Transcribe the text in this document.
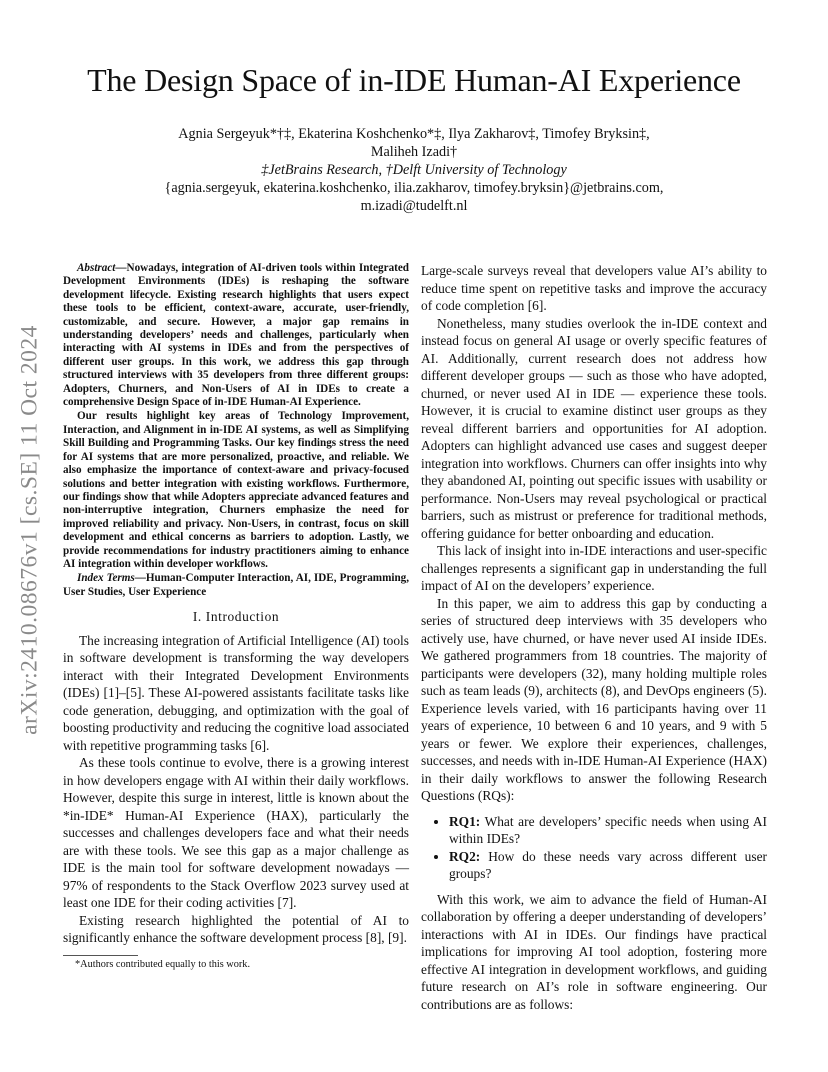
arXiv:2410.08676v1 [cs.SE] 11 Oct 2024
The Design Space of in-IDE Human-AI Experience
Agnia Sergeyuk*†‡, Ekaterina Koshchenko*‡, Ilya Zakharov‡, Timofey Bryksin‡,
Maliheh Izadi†
‡JetBrains Research, †Delft University of Technology
{agnia.sergeyuk, ekaterina.koshchenko, ilia.zakharov, timofey.bryksin}@jetbrains.com,
m.izadi@tudelft.nl

Abstract—Nowadays, integration of AI-driven tools within Integrated Development Environments (IDEs) is reshaping the software development lifecycle. Existing research highlights that users expect these tools to be efficient, context-aware, accurate, user-friendly, customizable, and secure. However, a major gap remains in understanding developers’ needs and challenges, particularly when interacting with AI systems in IDEs and from the perspectives of different user groups. In this work, we address this gap through structured interviews with 35 developers from three different groups: Adopters, Churners, and Non-Users of AI in IDEs to create a comprehensive Design Space of in-IDE Human-AI Experience.

Our results highlight key areas of Technology Improvement, Interaction, and Alignment in in-IDE AI systems, as well as Simplifying Skill Building and Programming Tasks. Our key findings stress the need for AI systems that are more personalized, proactive, and reliable. We also emphasize the importance of context-aware and privacy-focused solutions and better integration with existing workflows. Furthermore, our findings show that while Adopters appreciate advanced features and non-interruptive integration, Churners emphasize the need for improved reliability and privacy. Non-Users, in contrast, focus on skill development and ethical concerns as barriers to adoption. Lastly, we provide recommendations for industry practitioners aiming to enhance AI integration within developer workflows.

Index Terms—Human-Computer Interaction, AI, IDE, Programming, User Studies, User Experience

I. Introduction

The increasing integration of Artificial Intelligence (AI) tools in software development is transforming the way developers interact with their Integrated Development Environments (IDEs) [1]–[5]. These AI-powered assistants facilitate tasks like code generation, debugging, and optimization with the goal of boosting productivity and reducing the cognitive load associated with repetitive programming tasks [6].

As these tools continue to evolve, there is a growing interest in how developers engage with AI within their daily workflows. However, despite this surge in interest, little is known about the *in-IDE* Human-AI Experience (HAX), particularly the successes and challenges developers face and what their needs are with these tools. We see this gap as a major challenge as IDE is the main tool for software development nowadays — 97% of respondents to the Stack Overflow 2023 survey used at least one IDE for their coding activities [7].

Existing research highlighted the potential of AI to significantly enhance the software development process [8], [9].

*Authors contributed equally to this work.

Large-scale surveys reveal that developers value AI’s ability to reduce time spent on repetitive tasks and improve the accuracy of code completion [6].

Nonetheless, many studies overlook the in-IDE context and instead focus on general AI usage or overly specific features of AI. Additionally, current research does not address how different developer groups — such as those who have adopted, churned, or never used AI in IDE — experience these tools. However, it is crucial to examine distinct user groups as they reveal different barriers and opportunities for AI adoption. Adopters can highlight advanced use cases and suggest deeper integration into workflows. Churners can offer insights into why they abandoned AI, pointing out specific issues with usability or performance. Non-Users may reveal psychological or practical barriers, such as mistrust or preference for traditional methods, offering guidance for better onboarding and education.

This lack of insight into in-IDE interactions and user-specific challenges represents a significant gap in understanding the full impact of AI on the developers’ experience.

In this paper, we aim to address this gap by conducting a series of structured deep interviews with 35 developers who actively use, have churned, or have never used AI inside IDEs. We gathered programmers from 18 countries. The majority of participants were developers (32), many holding multiple roles such as team leads (9), architects (8), and DevOps engineers (5). Experience levels varied, with 16 participants having over 11 years of experience, 10 between 6 and 10 years, and 9 with 5 years or fewer. We explore their experiences, challenges, successes, and needs with in-IDE Human-AI Experience (HAX) in their daily workflows to answer the following Research Questions (RQs):

• RQ1: What are developers’ specific needs when using AI within IDEs?
• RQ2: How do these needs vary across different user groups?

With this work, we aim to advance the field of Human-AI collaboration by offering a deeper understanding of developers’ interactions with AI in IDEs. Our findings have practical implications for improving AI tool adoption, fostering more effective AI integration in development workflows, and guiding future research on AI’s role in software engineering. Our contributions are as follows:
